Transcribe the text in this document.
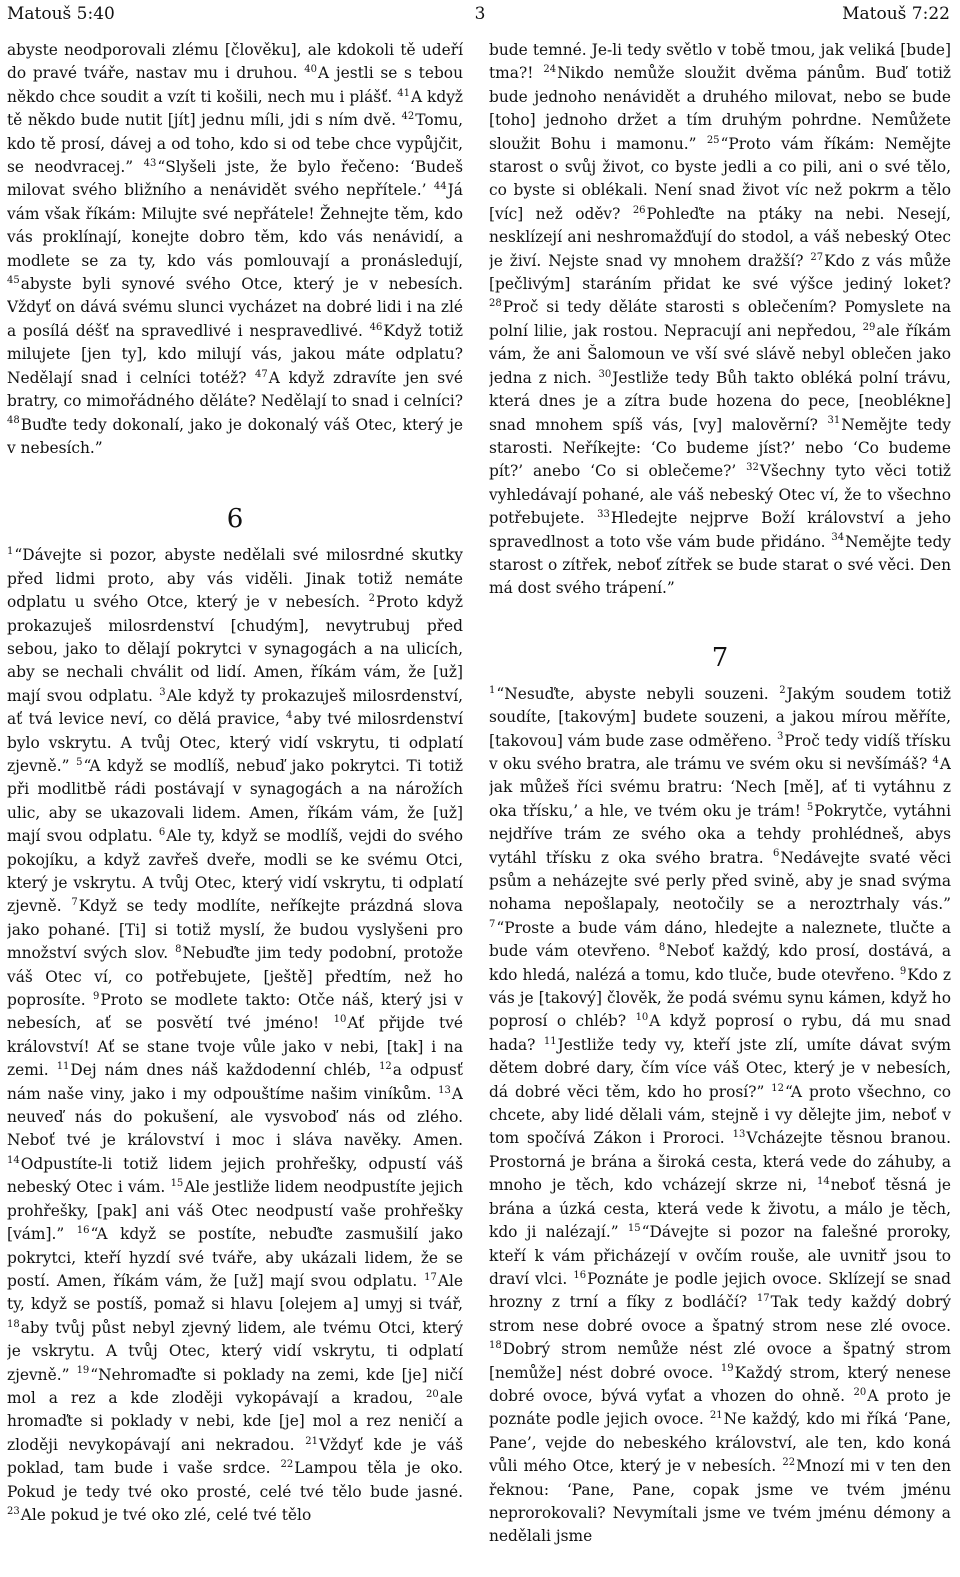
Matouš 5:40	3	Matouš 7:22

abyste neodporovali zlému [člověku], ale kdokoli tě udeří do pravé tváře, nastav mu i druhou. $^{40}$A jestli se s tebou někdo chce soudit a vzít ti košili, nech mu i plášť. $^{41}$A když tě někdo bude nutit [jít] jednu míli, jdi s ním dvě. $^{42}$Tomu, kdo tě prosí, dávej a od toho, kdo si od tebe chce vypůjčit, se neodvracej.” $^{43}$“Slyšeli jste, že bylo řečeno: ‘Budeš milovat svého bližního a nenávidět svého nepřítele.’ $^{44}$Já vám však říkám: Milujte své nepřátele! Žehnejte těm, kdo vás proklínají, konejte dobro těm, kdo vás nenávidí, a modlete se za ty, kdo vás pomlouvají a pronásledují, $^{45}$abyste byli synové svého Otce, který je v nebesích. Vždyť on dává svému slunci vycházet na dobré lidi i na zlé a posílá déšť na spravedlivé i nespravedlivé. $^{46}$Když totiž milujete [jen ty], kdo milují vás, jakou máte odplatu? Nedělají snad i celníci totéž? $^{47}$A když zdravíte jen své bratry, co mimořádného děláte? Nedělají to snad i celníci? $^{48}$Buďte tedy dokonalí, jako je dokonalý váš Otec, který je v nebesích.”

6

$^1$“Dávejte si pozor, abyste nedělali své milosrdné skutky před lidmi proto, aby vás viděli. Jinak totiž nemáte odplatu u svého Otce, který je v nebesích. $^2$Proto když prokazuješ milosrdenství [chudým], nevytrubuj před sebou, jako to dělají pokrytci v synagogách a na ulicích, aby se nechali chválit od lidí. Amen, říkám vám, že [už] mají svou odplatu. $^3$Ale když ty prokazuješ milosrdenství, ať tvá levice neví, co dělá pravice, $^4$aby tvé milosrdenství bylo vskrytu. A tvůj Otec, který vidí vskrytu, ti odplatí zjevně.” $^5$“A když se modlíš, nebuď jako pokrytci. Ti totiž při modlitbě rádi postávají v synagogách a na nárožích ulic, aby se ukazovali lidem. Amen, říkám vám, že [už] mají svou odplatu. $^6$Ale ty, když se modlíš, vejdi do svého pokojíku, a když zavřeš dveře, modli se ke svému Otci, který je vskrytu. A tvůj Otec, který vidí vskrytu, ti odplatí zjevně. $^7$Když se tedy modlíte, neříkejte prázdná slova jako pohané. [Ti] si totiž myslí, že budou vyslyšeni pro množství svých slov. $^8$Nebuďte jim tedy podobní, protože váš Otec ví, co potřebujete, [ještě] předtím, než ho poprosíte. $^9$Proto se modlete takto: Otče náš, který jsi v nebesích, ať se posvětí tvé jméno! $^{10}$Ať přijde tvé království! Ať se stane tvoje vůle jako v nebi, [tak] i na zemi. $^{11}$Dej nám dnes náš každodenní chléb, $^{12}$a odpusť nám naše viny, jako i my odpouštíme našim viníkům. $^{13}$A neuveď nás do pokušení, ale vysvoboď nás od zlého. Neboť tvé je království i moc i sláva navěky. Amen. $^{14}$Odpustíte-li totiž lidem jejich prohřešky, odpustí váš nebeský Otec i vám. $^{15}$Ale jestliže lidem neodpustíte jejich prohřešky, [pak] ani váš Otec neodpustí vaše prohřešky [vám].” $^{16}$“A když se postíte, nebuďte zasmušilí jako pokrytci, kteří hyzdí své tváře, aby ukázali lidem, že se postí. Amen, říkám vám, že [už] mají svou odplatu. $^{17}$Ale ty, když se postíš, pomaž si hlavu [olejem a] umyj si tvář, $^{18}$aby tvůj půst nebyl zjevný lidem, ale tvému Otci, který je vskrytu. A tvůj Otec, který vidí vskrytu, ti odplatí zjevně.” $^{19}$“Nehromaďte si poklady na zemi, kde [je] ničí mol a rez a kde zloději vykopávají a kradou, $^{20}$ale hromaďte si poklady v nebi, kde [je] mol a rez neničí a zloději nevykopávají ani nekradou. $^{21}$Vždyť kde je váš poklad, tam bude i vaše srdce. $^{22}$Lampou těla je oko. Pokud je tedy tvé oko prosté, celé tvé tělo bude jasné. $^{23}$Ale pokud je tvé oko zlé, celé tvé tělo

bude temné. Je-li tedy světlo v tobě tmou, jak veliká [bude] tma?! $^{24}$Nikdo nemůže sloužit dvěma pánům. Buď totiž bude jednoho nenávidět a druhého milovat, nebo se bude [toho] jednoho držet a tím druhým pohrdne. Nemůžete sloužit Bohu i mamonu.” $^{25}$“Proto vám říkám: Nemějte starost o svůj život, co byste jedli a co pili, ani o své tělo, co byste si oblékali. Není snad život víc než pokrm a tělo [víc] než oděv? $^{26}$Pohleďte na ptáky na nebi. Nesejí, nesklízejí ani neshromažďují do stodol, a váš nebeský Otec je živí. Nejste snad vy mnohem dražší? $^{27}$Kdo z vás může [pečlivým] staráním přidat ke své výšce jediný loket? $^{28}$Proč si tedy děláte starosti s oblečením? Pomyslete na polní lilie, jak rostou. Nepracují ani nepředou, $^{29}$ale říkám vám, že ani Šalomoun ve vší své slávě nebyl oblečen jako jedna z nich. $^{30}$Jestliže tedy Bůh takto obléká polní trávu, která dnes je a zítra bude hozena do pece, [neoblékne] snad mnohem spíš vás, [vy] malověrní? $^{31}$Nemějte tedy starosti. Neříkejte: ‘Co budeme jíst?’ nebo ‘Co budeme pít?’ anebo ‘Co si oblečeme?’ $^{32}$Všechny tyto věci totiž vyhledávají pohané, ale váš nebeský Otec ví, že to všechno potřebujete. $^{33}$Hledejte nejprve Boží království a jeho spravedlnost a toto vše vám bude přidáno. $^{34}$Nemějte tedy starost o zítřek, neboť zítřek se bude starat o své věci. Den má dost svého trápení.”

7

$^1$“Nesuďte, abyste nebyli souzeni. $^2$Jakým soudem totiž soudíte, [takovým] budete souzeni, a jakou mírou měříte, [takovou] vám bude zase odměřeno. $^3$Proč tedy vidíš třísku v oku svého bratra, ale trámu ve svém oku si nevšímáš? $^4$A jak můžeš říci svému bratru: ‘Nech [mě], ať ti vytáhnu z oka třísku,’ a hle, ve tvém oku je trám! $^5$Pokrytče, vytáhni nejdříve trám ze svého oka a tehdy prohlédneš, abys vytáhl třísku z oka svého bratra. $^6$Nedávejte svaté věci psům a neházejte své perly před svině, aby je snad svýma nohama nepošlapaly, neotočily se a neroztrhaly vás.” $^7$“Proste a bude vám dáno, hledejte a naleznete, tlučte a bude vám otevřeno. $^8$Neboť každý, kdo prosí, dostává, a kdo hledá, nalézá a tomu, kdo tluče, bude otevřeno. $^9$Kdo z vás je [takový] člověk, že podá svému synu kámen, když ho poprosí o chléb? $^{10}$A když poprosí o rybu, dá mu snad hada? $^{11}$Jestliže tedy vy, kteří jste zlí, umíte dávat svým dětem dobré dary, čím více váš Otec, který je v nebesích, dá dobré věci těm, kdo ho prosí?” $^{12}$“A proto všechno, co chcete, aby lidé dělali vám, stejně i vy dělejte jim, neboť v tom spočívá Zákon i Proroci. $^{13}$Vcházejte těsnou branou. Prostorná je brána a široká cesta, která vede do záhuby, a mnoho je těch, kdo vcházejí skrze ni, $^{14}$neboť těsná je brána a úzká cesta, která vede k životu, a málo je těch, kdo ji nalézají.” $^{15}$“Dávejte si pozor na falešné proroky, kteří k vám přicházejí v ovčím rouše, ale uvnitř jsou to draví vlci. $^{16}$Poznáte je podle jejich ovoce. Sklízejí se snad hrozny z trní a fíky z bodláčí? $^{17}$Tak tedy každý dobrý strom nese dobré ovoce a špatný strom nese zlé ovoce. $^{18}$Dobrý strom nemůže nést zlé ovoce a špatný strom [nemůže] nést dobré ovoce. $^{19}$Každý strom, který nenese dobré ovoce, bývá vyťat a vhozen do ohně. $^{20}$A proto je poznáte podle jejich ovoce. $^{21}$Ne každý, kdo mi říká ‘Pane, Pane’, vejde do nebeského království, ale ten, kdo koná vůli mého Otce, který je v nebesích. $^{22}$Mnozí mi v ten den řeknou: ‘Pane, Pane, copak jsme ve tvém jménu neprorokovali? Nevymítali jsme ve tvém jménu démony a nedělali jsme
